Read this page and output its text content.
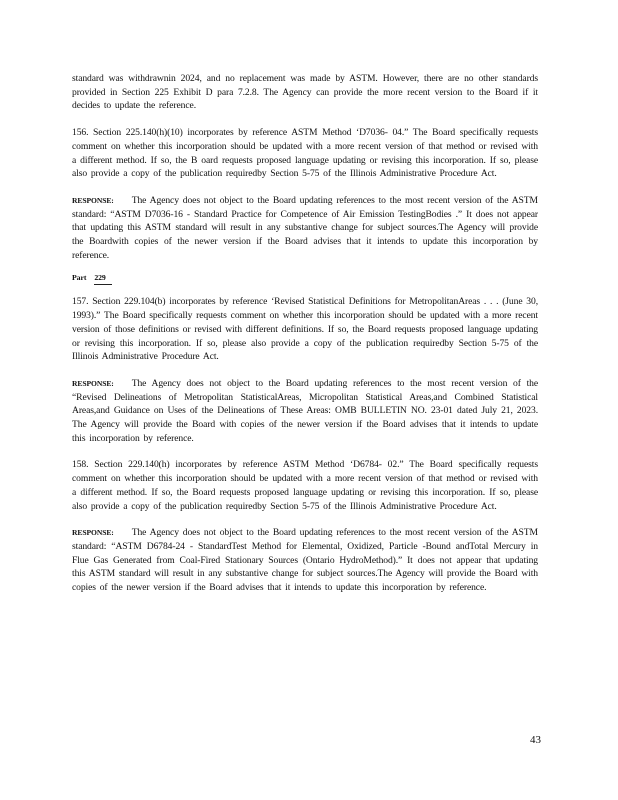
standard was withdrawnin 2024, and no replacement was made by ASTM. However, there are no other standards provided in Section 225 Exhibit D para 7.2.8. The Agency can provide the more recent version to the Board if it decides to update the reference.

156. Section 225.140(h)(10) incorporates by reference ASTM Method ‘D7036- 04.” The Board specifically requests comment on whether this incorporation should be updated with a more recent version of that method or revised with a different method. If so, the B oard requests proposed language updating or revising this incorporation. If so, please also provide a copy of the publication requiredby Section 5-75 of the Illinois Administrative Procedure Act.

RESPONSE: The Agency does not object to the Board updating references to the most recent version of the ASTM standard: “ASTM D7036-16 - Standard Practice for Competence of Air Emission TestingBodies .” It does not appear that updating this ASTM standard will result in any substantive change for subject sources.The Agency will provide the Boardwith copies of the newer version if the Board advises that it intends to update this incorporation by reference.

Part 229

157. Section 229.104(b) incorporates by reference ‘Revised Statistical Definitions for MetropolitanAreas . . . (June 30, 1993).” The Board specifically requests comment on whether this incorporation should be updated with a more recent version of those definitions or revised with different definitions. If so, the Board requests proposed language updating or revising this incorporation. If so, please also provide a copy of the publication requiredby Section 5-75 of the Illinois Administrative Procedure Act.

RESPONSE: The Agency does not object to the Board updating references to the most recent version of the “Revised Delineations of Metropolitan StatisticalAreas, Micropolitan Statistical Areas,and Combined Statistical Areas,and Guidance on Uses of the Delineations of These Areas: OMB BULLETIN NO. 23-01 dated July 21, 2023. The Agency will provide the Board with copies of the newer version if the Board advises that it intends to update this incorporation by reference.

158. Section 229.140(h) incorporates by reference ASTM Method ‘D6784- 02.” The Board specifically requests comment on whether this incorporation should be updated with a more recent version of that method or revised with a different method. If so, the Board requests proposed language updating or revising this incorporation. If so, please also provide a copy of the publication requiredby Section 5-75 of the Illinois Administrative Procedure Act.

RESPONSE: The Agency does not object to the Board updating references to the most recent version of the ASTM standard: “ASTM D6784-24 - StandardTest Method for Elemental, Oxidized, Particle -Bound andTotal Mercury in Flue Gas Generated from Coal-Fired Stationary Sources (Ontario HydroMethod).” It does not appear that updating this ASTM standard will result in any substantive change for subject sources.The Agency will provide the Board with copies of the newer version if the Board advises that it intends to update this incorporation by reference.

43
